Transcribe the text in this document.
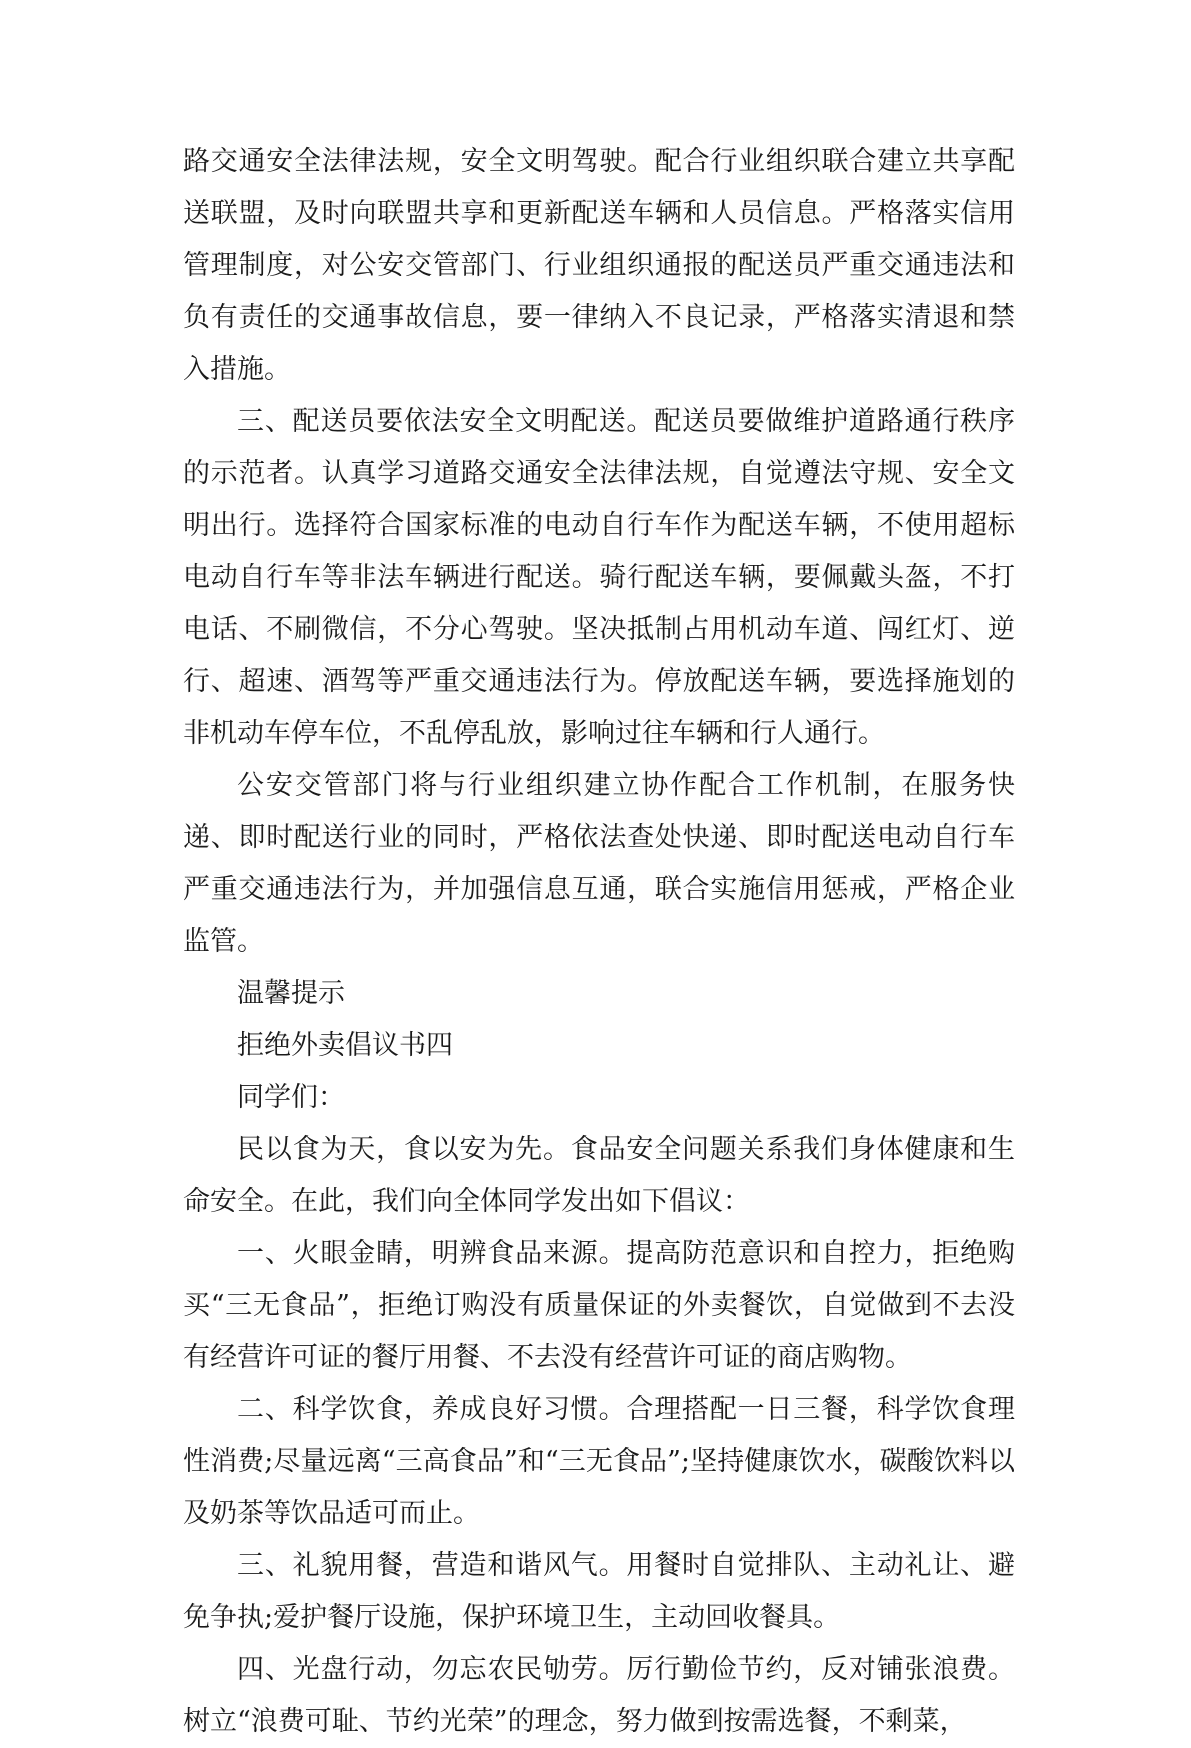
路交通安全法律法规，安全文明驾驶。配合行业组织联合建立共享配送联盟，及时向联盟共享和更新配送车辆和人员信息。严格落实信用管理制度，对公安交管部门、行业组织通报的配送员严重交通违法和负有责任的交通事故信息，要一律纳入不良记录，严格落实清退和禁入措施。

三、配送员要依法安全文明配送。配送员要做维护道路通行秩序的示范者。认真学习道路交通安全法律法规，自觉遵法守规、安全文明出行。选择符合国家标准的电动自行车作为配送车辆，不使用超标电动自行车等非法车辆进行配送。骑行配送车辆，要佩戴头盔，不打电话、不刷微信，不分心驾驶。坚决抵制占用机动车道、闯红灯、逆行、超速、酒驾等严重交通违法行为。停放配送车辆，要选择施划的非机动车停车位，不乱停乱放，影响过往车辆和行人通行。

公安交管部门将与行业组织建立协作配合工作机制，在服务快递、即时配送行业的同时，严格依法查处快递、即时配送电动自行车严重交通违法行为，并加强信息互通，联合实施信用惩戒，严格企业监管。

温馨提示

拒绝外卖倡议书四

同学们：

民以食为天，食以安为先。食品安全问题关系我们身体健康和生命安全。在此，我们向全体同学发出如下倡议：

一、火眼金睛，明辨食品来源。提高防范意识和自控力，拒绝购买“三无食品”，拒绝订购没有质量保证的外卖餐饮，自觉做到不去没有经营许可证的餐厅用餐、不去没有经营许可证的商店购物。

二、科学饮食，养成良好习惯。合理搭配一日三餐，科学饮食理性消费;尽量远离“三高食品”和“三无食品”;坚持健康饮水，碳酸饮料以及奶茶等饮品适可而止。

三、礼貌用餐，营造和谐风气。用餐时自觉排队、主动礼让、避免争执;爱护餐厅设施，保护环境卫生，主动回收餐具。

四、光盘行动，勿忘农民劬劳。厉行勤俭节约，反对铺张浪费。树立“浪费可耻、节约光荣”的理念，努力做到按需选餐，不剩菜，
